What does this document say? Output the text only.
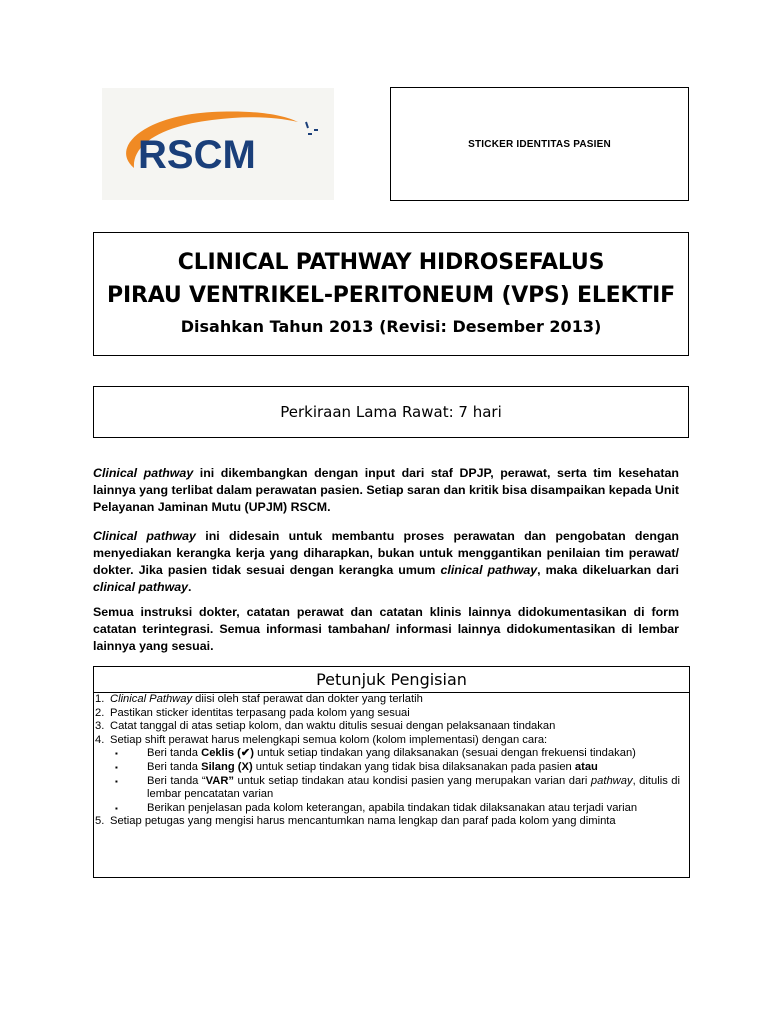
RSCM	STICKER IDENTITAS PASIEN
CLINICAL PATHWAY HIDROSEFALUS
PIRAU VENTRIKEL-PERITONEUM (VPS) ELEKTIF
Disahkan Tahun 2013 (Revisi: Desember 2013)
Perkiraan Lama Rawat: 7 hari
Clinical pathway ini dikembangkan dengan input dari staf DPJP, perawat, serta tim kesehatan lainnya yang terlibat dalam perawatan pasien. Setiap saran dan kritik bisa disampaikan kepada Unit Pelayanan Jaminan Mutu (UPJM) RSCM.
Clinical pathway ini didesain untuk membantu proses perawatan dan pengobatan dengan menyediakan kerangka kerja yang diharapkan, bukan untuk menggantikan penilaian tim perawat/ dokter. Jika pasien tidak sesuai dengan kerangka umum clinical pathway, maka dikeluarkan dari clinical pathway.
Semua instruksi dokter, catatan perawat dan catatan klinis lainnya didokumentasikan di form catatan terintegrasi. Semua informasi tambahan/ informasi lainnya didokumentasikan di lembar lainnya yang sesuai.
Petunjuk Pengisian
1. Clinical Pathway diisi oleh staf perawat dan dokter yang terlatih
2. Pastikan sticker identitas terpasang pada kolom yang sesuai
3. Catat tanggal di atas setiap kolom, dan waktu ditulis sesuai dengan pelaksanaan tindakan
4. Setiap shift perawat harus melengkapi semua kolom (kolom implementasi) dengan cara:
▪	Beri tanda Ceklis (✔) untuk setiap tindakan yang dilaksanakan (sesuai dengan frekuensi tindakan)
▪	Beri tanda Silang (X) untuk setiap tindakan yang tidak bisa dilaksanakan pada pasien atau
▪	Beri tanda “VAR” untuk setiap tindakan atau kondisi pasien yang merupakan varian dari pathway, ditulis di lembar pencatatan varian
▪	Berikan penjelasan pada kolom keterangan, apabila tindakan tidak dilaksanakan atau terjadi varian
5. Setiap petugas yang mengisi harus mencantumkan nama lengkap dan paraf pada kolom yang diminta
